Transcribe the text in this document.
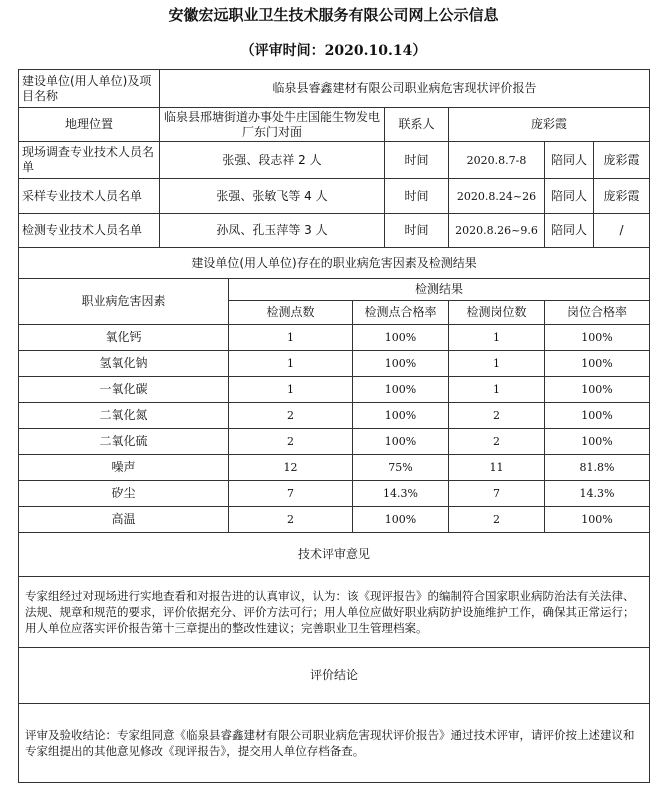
安徽宏远职业卫生技术服务有限公司网上公示信息
（评审时间：2020.10.14）
建设单位(用人单位)及项目名称	临泉县睿鑫建材有限公司职业病危害现状评价报告						
地理位置	临泉县邢塘街道办事处牛庄国能生物发电厂东门对面			联系人	庞彩霞		
现场调查专业技术人员名单	张强、段志祥 2 人			时间	2020.8.7-8	陪同人	庞彩霞
采样专业技术人员名单	张强、张敏飞等 4 人			时间	2020.8.24~26	陪同人	庞彩霞
检测专业技术人员名单	孙凤、孔玉萍等 3 人			时间	2020.8.26~9.6	陪同人	/
建设单位(用人单位)存在的职业病危害因素及检测结果							
职业病危害因素		检测结果					
		检测点数	检测点合格率		检测岗位数	岗位合格率	
氧化钙		1	100%		1	100%	
氢氧化钠		1	100%		1	100%	
一氧化碳		1	100%		1	100%	
二氧化氮		2	100%		2	100%	
二氧化硫		2	100%		2	100%	
噪声		12	75%		11	81.8%	
矽尘		7	14.3%		7	14.3%	
高温		2	100%		2	100%	
技术评审意见							
专家组经过对现场进行实地查看和对报告进的认真审议，认为：该《现评报告》的编制符合国家职业病防治法有关法律、法规、规章和规范的要求，评价依据充分、评价方法可行；用人单位应做好职业病防护设施维护工作，确保其正常运行；用人单位应落实评价报告第十三章提出的整改性建议；完善职业卫生管理档案。							
评价结论							
评审及验收结论：专家组同意《临泉县睿鑫建材有限公司职业病危害现状评价报告》通过技术评审，请评价按上述建议和专家组提出的其他意见修改《现评报告》，提交用人单位存档备查。							
